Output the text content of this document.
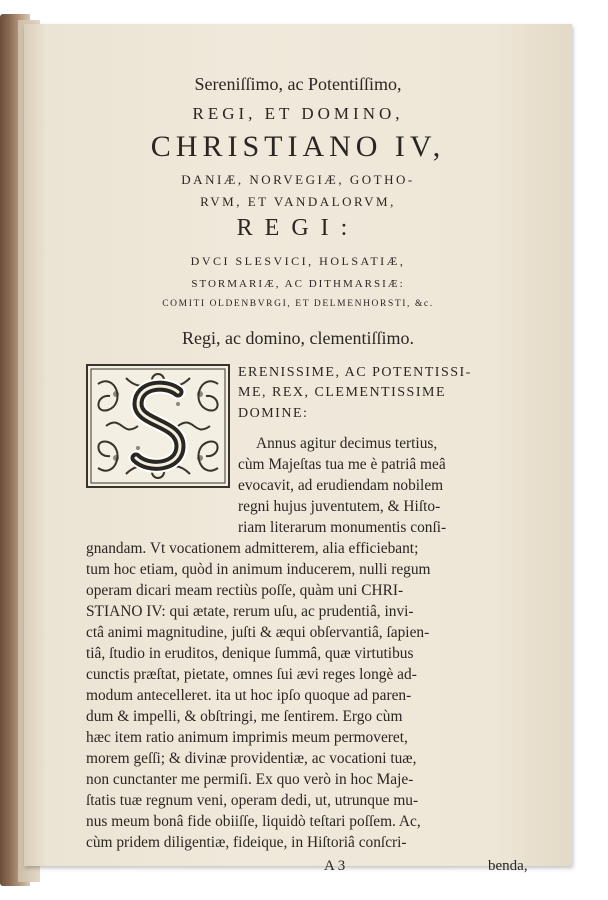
Sereniſſimo, ac Potentiſſimo,
REGI, ET DOMINO,
CHRISTIANO IV,
DANIÆ, NORVEGIÆ, GOTHO-
RVM, ET VANDALORVM,
REGI:
DVCI SLESVICI, HOLSATIÆ,
STORMARIÆ, AC DITHMARSIÆ:
COMITI OLDENBVRGI, ET DELMENHORSTI, &c.
Regi, ac domino, clementiſſimo.
ERENISSIME, AC POTENTISSI-
ME, REX, CLEMENTISSIME
DOMINE:
Annus agitur decimus tertius,
cùm Majeſtas tua me è patriâ meâ
evocavit, ad erudiendam nobilem
regni hujus juventutem, & Hiſto-
riam literarum monumentis conſi-
gnandam. Vt vocationem admitterem, alia efficiebant;
tum hoc etiam, quòd in animum inducerem, nulli regum
operam dicari meam rectiùs poſſe, quàm uni CHRI-
STIANO IV: qui ætate, rerum uſu, ac prudentiâ, invi-
ctâ animi magnitudine, juſti & æqui obſervantiâ, ſapien-
tiâ, ſtudio in eruditos, denique ſummâ, quæ virtutibus
cunctis præſtat, pietate, omnes ſui ævi reges longè ad-
modum antecelleret. ita ut hoc ipſo quoque ad paren-
dum & impelli, & obſtringi, me ſentirem. Ergo cùm
hæc item ratio animum imprimis meum permoveret,
morem geſſi; & divinæ providentiæ, ac vocationi tuæ,
non cunctanter me permiſi. Ex quo verò in hoc Maje-
ſtatis tuæ regnum veni, operam dedi, ut, utrunque mu-
nus meum bonâ fide obiiſſe, liquidò teſtari poſſem. Ac,
cùm pridem diligentiæ, fideique, in Hiſtoriâ conſcri-
A 3	benda,
